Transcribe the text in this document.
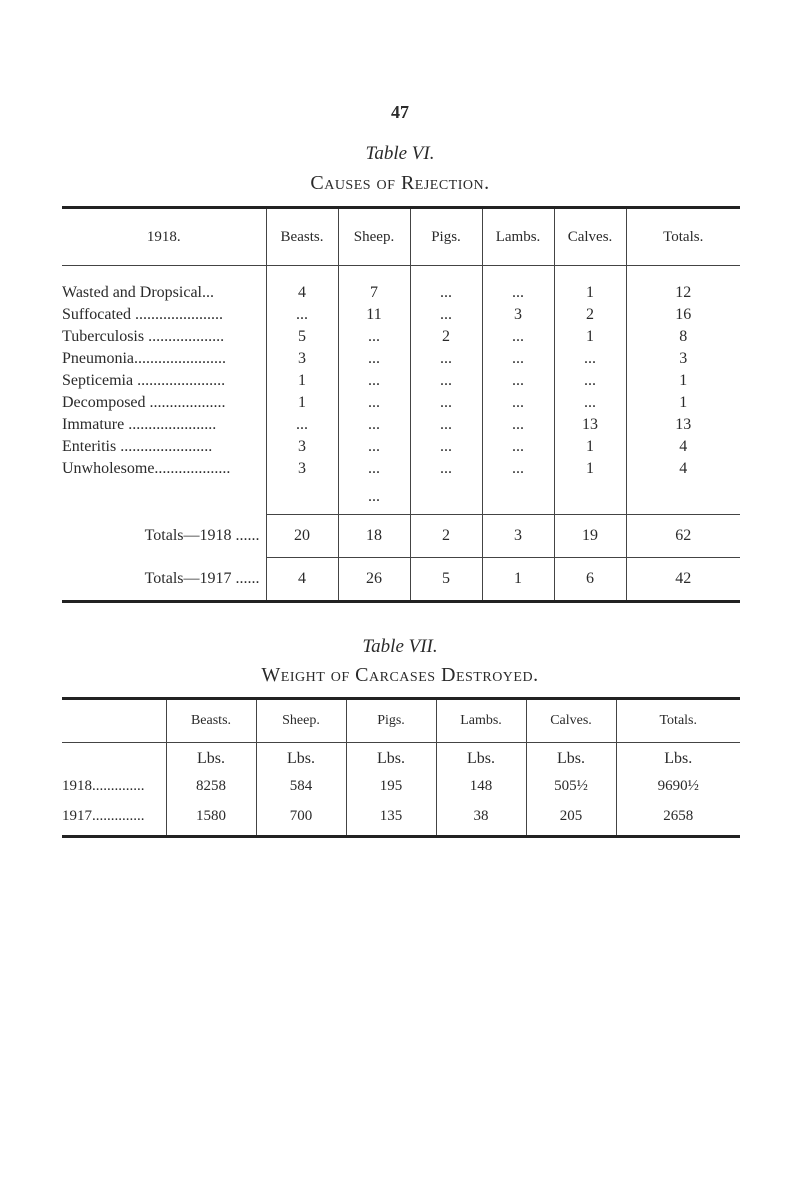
47
Table VI.
Causes of Rejection.
1918.	Beasts.	Sheep.	Pigs.	Lambs.	Calves.	Totals.

Wasted and Dropsical...	4	7	...	...	1	12
Suffocated ......................	...	11	...	3	2	16
Tuberculosis ...................	5	...	2	...	1	8
Pneumonia.......................	3	...	...	...	...	3
Septicemia ......................	1	...	...	...	...	1
Decomposed ...................	1	...	...	...	...	1
Immature ......................	...	...	...	...	13	13
Enteritis .......................	3	...	...	...	1	4
Unwholesome...................	3	...	...	...	1	4
		...				
Totals—1918 ......	20	18	2	3	19	62
Totals—1917 ......	4	26	5	1	6	42
Table VII.
Weight of Carcases Destroyed.
	Beasts.	Sheep.	Pigs.	Lambs.	Calves.	Totals.
	Lbs.	Lbs.	Lbs.	Lbs.	Lbs.	Lbs.
1918..............	8258	584	195	148	505½	9690½
1917..............	1580	700	135	38	205	2658
